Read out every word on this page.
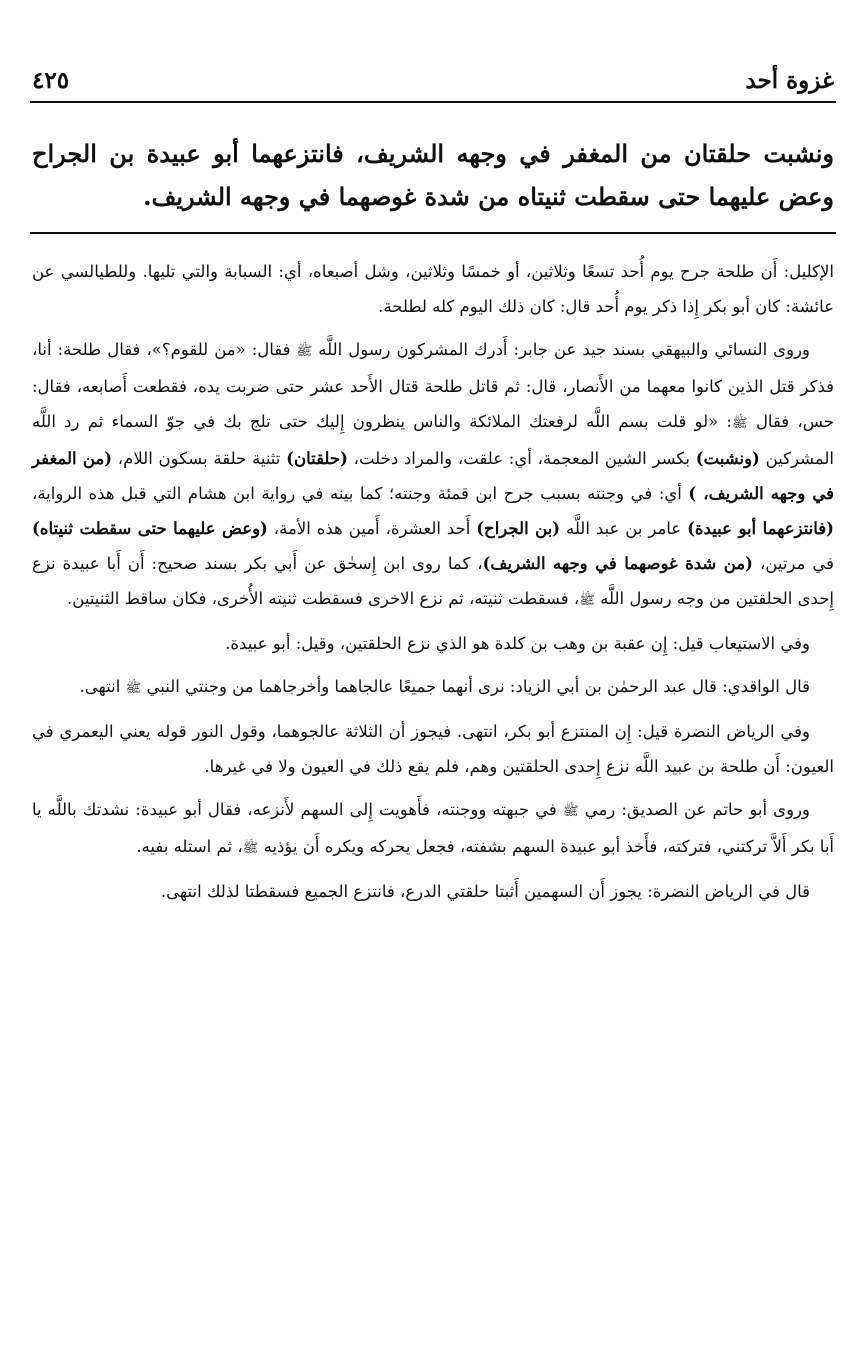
غزوة أحد
٤٢٥

ونشبت حلقتان من المغفر في وجهه الشريف، فانتزعهما أبو عبيدة بن الجراح وعض عليهما حتى سقطت ثنيتاه من شدة غوصهما في وجهه الشريف.

الإكليل: أَن طلحة جرح يوم أُحد تسعًا وثلاثين، أو خمسًا وثلاثين، وشل أصبعاه، أي: السبابة والتي تليها. وللطيالسي عن عائشة: كان أبو بكر إِذا ذكر يوم أُحد قال: كان ذلك اليوم كله لطلحة.

وروى النسائي والبيهقي بسند جيد عن جابر: أَدرك المشركون رسول اللَّه ﷺ فقال: «من للقوم؟»، فقال طلحة: أنا، فذكر قتل الذين كانوا معهما من الأَنصار، قال: ثم قاتل طلحة قتال الأَحد عشر حتى ضربت يده، فقطعت أَصابعه، فقال: حس، فقال ﷺ: «لو قلت بسم اللَّه لرفعتك الملائكة والناس ينظرون إِليك حتى تلج بك في جوّ السماء ثم رد اللَّه المشركين (ونشبت) بكسر الشين المعجمة، أي: علقت، والمراد دخلت، (حلقتان) تثنية حلقة بسكون اللام، (من المغفر في وجهه الشريف، ) أي: في وجنته بسبب جرح ابن قمئة وجنته؛ كما بينه في رواية ابن هشام التي قبل هذه الرواية، (فانتزعهما أبو عبيدة) عامر بن عبد اللَّه (بن الجراح) أَحد العشرة، أَمين هذه الأمة، (وعض عليهما حتى سقطت ثنيتاه) في مرتين، (من شدة غوصهما في وجهه الشريف)، كما روى ابن إِسحٰق عن أَبي بكر بسند صحيح: أَن أَبا عبيدة نزع إِحدى الحلقتين من وجه رسول اللَّه ﷺ، فسقطت ثنيته، ثم نزع الاخرى فسقطت ثنيته الأُخرى، فكان ساقط الثنيتين.

وفي الاستيعاب قيل: إِن عقبة بن وهب بن كلدة هو الذي نزع الحلقتين، وقيل: أبو عبيدة.

قال الواقدي: قال عبد الرحمٰن بن أبي الزياد: نرى أنهما جميعًا عالجاهما وأخرجاهما من وجنتي النبي ﷺ انتهى.

وفي الرياض النضرة قيل: إِن المنتزع أبو بكر، انتهى. فيجوز أن الثلاثة عالجوهما، وقول النور قوله يعني اليعمري في العيون: أَن طلحة بن عبيد اللَّه نزع إِحدى الحلقتين وهم، فلم يقع ذلك في العيون ولا في غيرها.

وروى أبو حاتم عن الصديق: رمي ﷺ في جبهته ووجنته، فأَهويت إِلى السهم لأَنزعه، فقال أبو عبيدة: نشدتك باللَّه يا أَبا بكر أَلاَّ تركتني، فتركته، فأَخذ أبو عبيدة السهم بشفته، فجعل يحركه ويكره أَن يؤذيه ﷺ، ثم استله بفيه.

قال في الرياض النضرة: يجوز أَن السهمين أَثبتا حلقتي الدرع، فانتزع الجميع فسقطتا لذلك انتهى.
